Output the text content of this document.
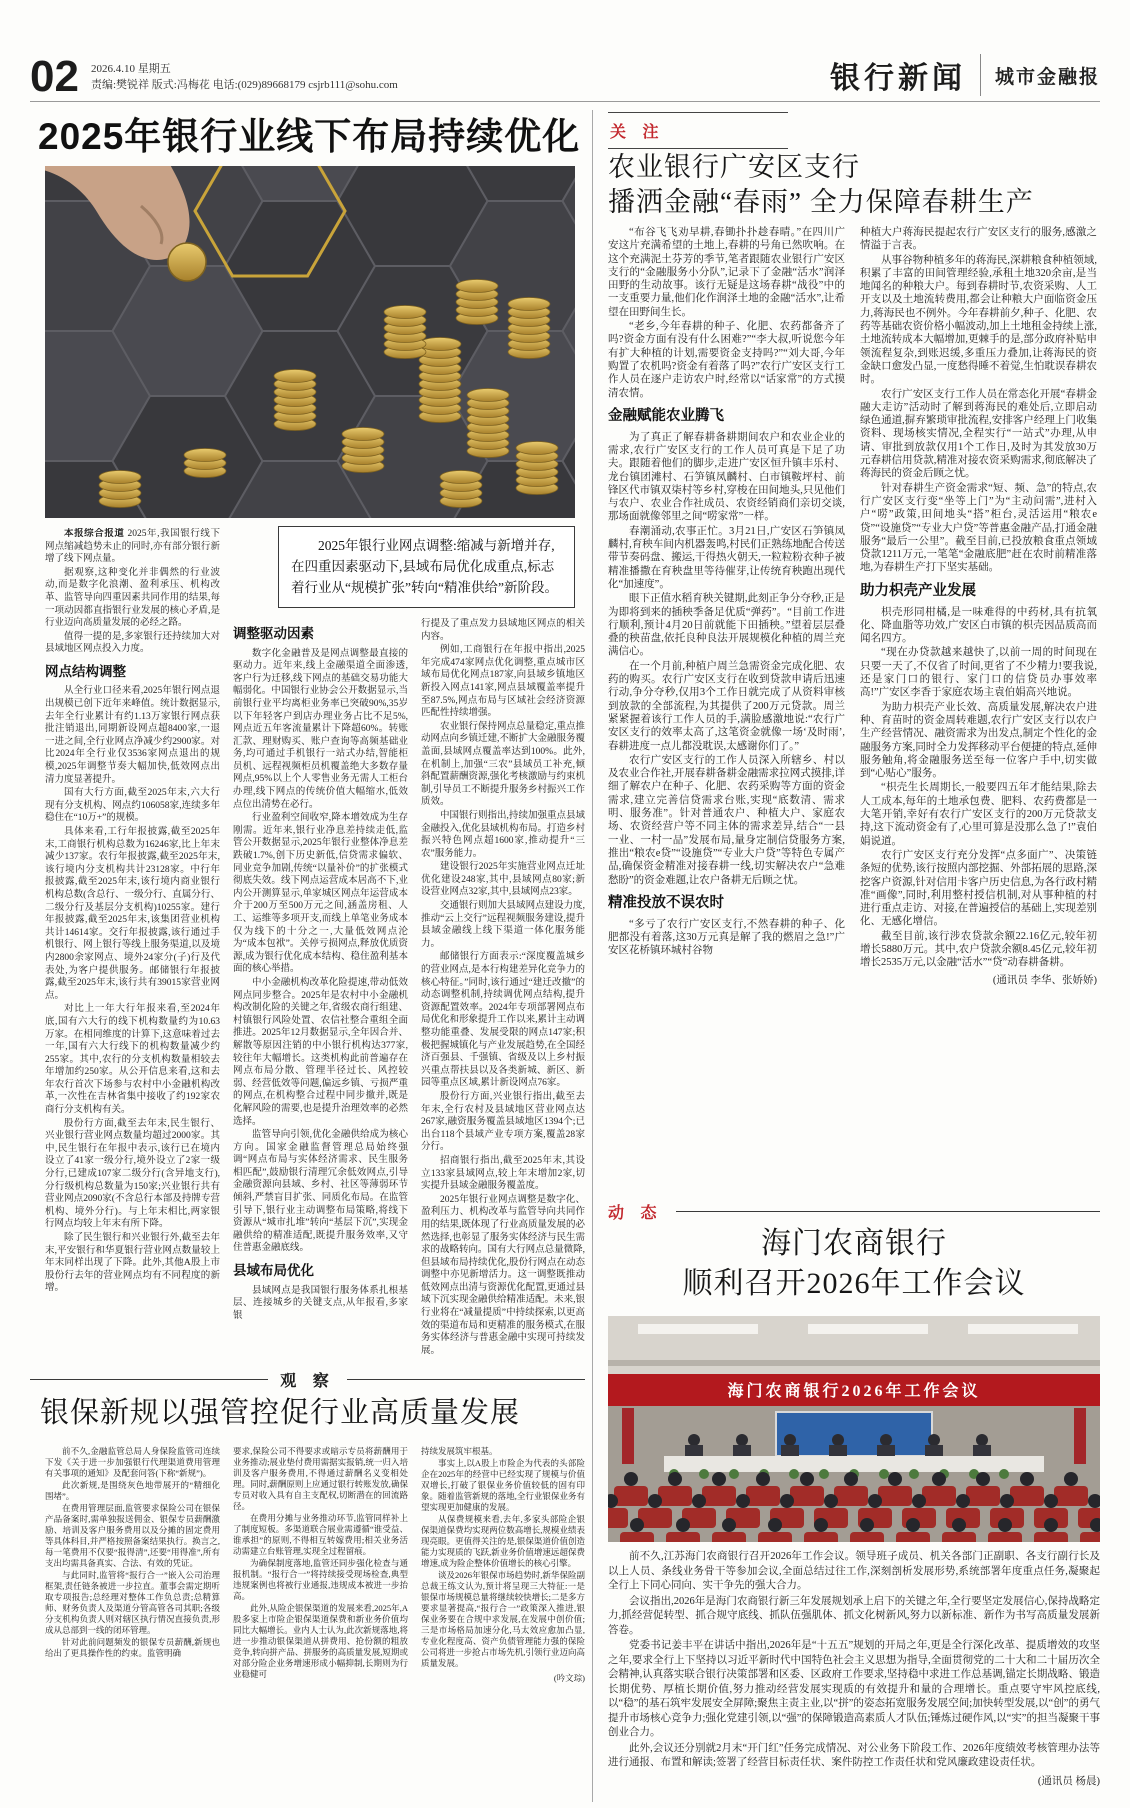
02 2026.4.10 星期五
责编:樊锐祥 版式:冯梅花 电话:(029)89668179 csjrb111@sohu.com	银行新闻 城市金融报
2025年银行业线下布局持续优化

2025年银行业网点调整:缩减与新增并存,在四重因素驱动下,县域布局优化成重点,标志着行业从“规模扩张”转向“精准供给”新阶段。

本报综合报道 2025年,我国银行线下网点缩减趋势未止的同时,亦有部分银行新增了线下网点量。

据观察,这种变化并非偶然的行业波动,而是数字化浪潮、盈利承压、机构改革、监管导向四重因素共同作用的结果,每一项动因都直指银行业发展的核心矛盾,是行业迈向高质量发展的必经之路。

值得一提的是,多家银行还持续加大对县域地区网点投入力度。

网点结构调整

从全行业口径来看,2025年银行网点退出规模已创下近年来峰值。统计数据显示,去年全行业累计有约1.13万家银行网点获批注销退出,同期新设网点超8400家,一退一进之间,全行业网点净减少约2900家。对比2024年全行业仅3536家网点退出的规模,2025年调整节奏大幅加快,低效网点出清力度显著提升。

国有大行方面,截至2025年末,六大行现有分支机构、网点约106058家,连续多年稳住在“10万+”的规模。

具体来看,工行年报披露,截至2025年末,工商银行机构总数为16246家,比上年末减少137家。农行年报披露,截至2025年末,该行境内分支机构共计23128家。中行年报披露,截至2025年末,该行境内商业银行机构总数(含总行、一级分行、直属分行、二级分行及基层分支机构)10255家。建行年报披露,截至2025年末,该集团营业机构共计14614家。交行年报披露,该行通过手机银行、网上银行等线上服务渠道,以及境内2800余家网点、境外24家分(子)行及代表处,为客户提供服务。邮储银行年报披露,截至2025年末,该行共有39015家营业网点。

对比上一年大行年报来看,至2024年底,国有六大行的线下机构数量约为10.63万家。在相同维度的计算下,这意味着过去一年,国有六大行线下的机构数量减少约255家。其中,农行的分支机构数量相较去年增加约250家。从公开信息来看,这和去年农行首次下场参与农村中小金融机构改革,一次性在吉林省集中接收了约192家农商行分支机构有关。

股份行方面,截至去年末,民生银行、兴业银行营业网点数量均超过2000家。其中,民生银行在年报中表示,该行已在境内设立了41家一级分行,境外设立了2家一级分行,已建成107家二级分行(含异地支行),分行级机构总数量为150家;兴业银行共有营业网点2090家(不含总行本部及持牌专营机构、境外分行)。与上年末相比,两家银行网点均较上年末有所下降。

除了民生银行和兴业银行外,截至去年末,平安银行和华夏银行营业网点数量较上年末同样出现了下降。此外,其他A股上市股份行去年的营业网点均有不同程度的新增。

调整驱动因素

数字化金融普及是网点调整最直接的驱动力。近年来,线上金融渠道全面渗透,客户行为迁移,线下网点的基础交易功能大幅弱化。中国银行业协会公开数据显示,当前银行业平均离柜业务率已突破90%,35岁以下年轻客户到店办理业务占比不足5%,网点近五年客流量累计下降超60%。转账汇款、理财购买、账户查询等高频基础业务,均可通过手机银行一站式办结,智能柜员机、远程视频柜员机覆盖绝大多数存量网点,95%以上个人零售业务无需人工柜台办理,线下网点的传统价值大幅缩水,低效点位出清势在必行。

行业盈利空间收窄,降本增效成为生存刚需。近年来,银行业净息差持续走低,监管公开数据显示,2025年银行业整体净息差跌破1.7%,创下历史新低,信贷需求偏软、同业竞争加剧,传统“以量补价”的扩张模式彻底失效。线下网点运营成本居高不下,业内公开测算显示,单家城区网点年运营成本介于200万至500万元之间,涵盖房租、人工、运维等多项开支,而线上单笔业务成本仅为线下的十分之一,大量低效网点沦为“成本包袱”。关停亏损网点,释放优质资源,成为银行优化成本结构、稳住盈利基本面的核心举措。

中小金融机构改革化险提速,带动低效网点同步整合。2025年是农村中小金融机构改制化险的关键之年,省级农商行组建、村镇银行风险处置、农信社整合重组全面推进。2025年12月数据显示,全年因合并、解散等原因注销的中小银行机构达377家,较往年大幅增长。这类机构此前普遍存在网点布局分散、管理半径过长、风控较弱、经营低效等问题,偏远乡镇、亏损严重的网点,在机构整合过程中同步撤并,既是化解风险的需要,也是提升治理效率的必然选择。

监管导向引领,优化金融供给成为核心方向。国家金融监督管理总局始终强调“网点布局与实体经济需求、民生服务相匹配”,鼓励银行清理冗余低效网点,引导金融资源向县域、乡村、社区等薄弱环节倾斜,严禁盲目扩张、同质化布局。在监管引导下,银行业主动调整布局策略,将线下资源从“城市扎堆”转向“基层下沉”,实现金融供给的精准适配,既提升服务效率,又守住普惠金融底线。

县域布局优化

县域网点是我国银行服务体系扎根基层、连接城乡的关键支点,从年报看,多家银

行提及了重点发力县域地区网点的相关内容。

例如,工商银行在年报中指出,2025年完成474家网点优化调整,重点城市区域布局优化网点187家,向县域乡镇地区新投入网点141家,网点县域覆盖率提升至87.5%,网点布局与区域社会经济资源匹配性持续增强。

农业银行保持网点总量稳定,重点推动网点向乡镇迁建,不断扩大金融服务覆盖面,县域网点覆盖率达到100%。此外,在机制上,加强“三农”县域员工补充,倾斜配置薪酬资源,强化考核激励与约束机制,引导员工不断提升服务乡村振兴工作质效。

中国银行则指出,持续加强重点县域金融投入,优化县域机构布局。打造乡村振兴特色网点超1600家,推动提升“三农”服务能力。

建设银行2025年实施营业网点迁址优化建设248家,其中,县域网点80家;新设营业网点32家,其中,县域网点23家。

交通银行则加大县域网点建设力度,推动“云上交行”远程视频服务建设,提升县域金融线上线下渠道一体化服务能力。

邮储银行方面表示:“深度覆盖城乡的营业网点,是本行构建差异化竞争力的核心特征。”同时,该行通过“建迁改撤”的动态调整机制,持续调优网点结构,提升资源配置效率。2024年专项部署网点布局优化和形象提升工作以来,累计主动调整功能重叠、发展受限的网点147家;积极把握城镇化与产业发展趋势,在全国经济百强县、千强镇、省级及以上乡村振兴重点帮扶县以及各类新城、新区、新园等重点区域,累计新设网点76家。

股份行方面,兴业银行指出,截至去年末,全行农村及县域地区营业网点达267家,融资服务覆盖县域地区1394个;已出台118个县域产业专项方案,覆盖28家分行。

招商银行指出,截至2025年末,其设立133家县域网点,较上年末增加2家,切实提升县域金融服务覆盖度。

2025年银行业网点调整是数字化、盈利压力、机构改革与监管导向共同作用的结果,既体现了行业高质量发展的必然选择,也彰显了服务实体经济与民生需求的战略转向。国有大行网点总量微降,但县域布局持续优化,股份行网点在动态调整中亦见新增活力。这一调整既推动低效网点出清与资源优化配置,更通过县域下沉实现金融供给精准适配。未来,银行业将在“减量提质”中持续探索,以更高效的渠道布局和更精准的服务模式,在服务实体经济与普惠金融中实现可持续发展。

关 注
农业银行广安区支行
播洒金融“春雨” 全力保障春耕生产

“布谷飞飞劝早耕,春锄扑扑趁春晴。”在四川广安这片充满希望的土地上,春耕的号角已然吹响。在这个充满泥土芬芳的季节,笔者跟随农业银行广安区支行的“金融服务小分队”,记录下了金融“活水”润泽田野的生动故事。该行无疑是这场春耕“战役”中的一支重要力量,他们化作润泽土地的金融“活水”,让希望在田野间生长。

“老乡,今年春耕的种子、化肥、农药都备齐了吗?资金方面有没有什么困难?”“李大叔,听说您今年有扩大种植的计划,需要资金支持吗?”“刘大哥,今年购置了农机吗?资金有着落了吗?”农行广安区支行工作人员在逐户走访农户时,经常以“话家常”的方式摸清农情。

金融赋能农业腾飞

为了真正了解春耕备耕期间农户和农业企业的需求,农行广安区支行的工作人员可真是下足了功夫。跟随着他们的脚步,走进广安区恒升镇丰乐村、龙台镇团滩村、石笋镇凤麟村、白市镇鞍坪村、前锋区代市镇双柒村等乡村,穿梭在田间地头,只见他们与农户、农业合作社成员、农资经销商们亲切交谈,那场面就像邻里之间“唠家常”一样。

春潮涌动,农事正忙。3月21日,广安区石笋镇凤麟村,育秧车间内机器轰鸣,村民们正熟练地配合传送带节奏码盘、搬运,干得热火朝天,一粒粒粉衣种子被精准播撒在育秧盘里等待催芽,让传统育秧跑出现代化“加速度”。

眼下正值水稻育秧关键期,此刻正争分夺秒,正是为即将到来的插秧季备足优质“弹药”。“目前工作进行顺利,预计4月20日前就能下田插秧。”望着层层叠叠的秧苗盘,依托良种良法开展规模化种植的周兰充满信心。

在一个月前,种植户周兰急需资金完成化肥、农药的购买。农行广安区支行在收到贷款申请后迅速行动,争分夺秒,仅用3个工作日就完成了从资料审核到放款的全部流程,为其提供了200万元贷款。周兰紧紧握着该行工作人员的手,满脸感激地说:“农行广安区支行的效率太高了,这笔资金就像一场‘及时雨’,春耕进度一点儿都没耽误,太感谢你们了。”

农行广安区支行的工作人员深入所辖乡、村以及农业合作社,开展春耕备耕金融需求拉网式摸排,详细了解农户在种子、化肥、农药采购等方面的资金需求,建立完善信贷需求台账,实现“底数清、需求明、服务准”。针对普通农户、种植大户、家庭农场、农资经营户等不同主体的需求差异,结合“一县一业、一村一品”发展布局,量身定制信贷服务方案,推出“粮农e贷”“设施贷”“专业大户贷”等特色专属产品,确保资金精准对接春耕一线,切实解决农户“急难愁盼”的资金难题,让农户备耕无后顾之忧。

精准投放不误农时

“多亏了农行广安区支行,不然春耕的种子、化肥都没有着落,这30万元真是解了我的燃眉之急!”广安区花桥镇环城村谷物

种植大户蒋海民提起农行广安区支行的服务,感激之情溢于言表。

从事谷物种植多年的蒋海民,深耕粮食种植领域,积累了丰富的田间管理经验,承租土地320余亩,是当地闻名的种粮大户。每到春耕时节,农资采购、人工开支以及土地流转费用,都会让种粮大户面临资金压力,蒋海民也不例外。今年春耕前夕,种子、化肥、农药等基础农资价格小幅波动,加上土地租金持续上涨,土地流转成本大幅增加,更棘手的是,部分政府补贴申领流程复杂,到账迟缓,多重压力叠加,让蒋海民的资金缺口愈发凸显,一度愁得睡不着觉,生怕耽误春耕农时。

农行广安区支行工作人员在常态化开展“春耕金融大走访”活动时了解到蒋海民的难处后,立即启动绿色通道,摒弃繁琐审批流程,安排客户经理上门收集资料、现场核实情况,全程实行“一站式”办理,从申请、审批到放款仅用1个工作日,及时为其发放30万元春耕信用贷款,精准对接农资采购需求,彻底解决了蒋海民的资金后顾之忧。

针对春耕生产资金需求“短、频、急”的特点,农行广安区支行变“坐等上门”为“主动问需”,进村入户“唠”政策,田间地头“搭”柜台,灵活运用“粮农e贷”“设施贷”“专业大户贷”等普惠金融产品,打通金融服务“最后一公里”。截至目前,已投放粮食重点领域贷款1211万元,一笔笔“金融底肥”赶在农时前精准落地,为春耕生产打下坚实基础。

助力枳壳产业发展

枳壳形同柑橘,是一味难得的中药材,具有抗氧化、降血脂等功效,广安区白市镇的枳壳因品质高而闻名四方。

“现在办贷款越来越快了,以前一周的时间现在只要一天了,不仅省了时间,更省了不少精力!要我说,还是家门口的银行、家门口的信贷员办事效率高!”广安区李香于家庭农场主袁伯娟高兴地说。

为助力枳壳产业长效、高质量发展,解决农户进种、育苗时的资金周转难题,农行广安区支行以农户生产经营情况、融资需求为出发点,制定个性化的金融服务方案,同时全力发挥移动平台便捷的特点,延伸服务触角,将金融服务送至每一位客户手中,切实做到“心贴心”服务。

“枳壳生长周期长,一般要四五年才能结果,除去人工成本,每年的土地承包费、肥料、农药费都是一大笔开销,幸好有农行广安区支行的200万元贷款支持,这下流动资金有了,心里可算是没那么急了!”袁伯娟说道。

农行广安区支行充分发挥“点多面广”、决策链条短的优势,该行按照内部挖掘、外部拓展的思路,深挖客户资源,针对信用卡客户历史信息,为各行政村精准“画像”,同时,利用整村授信机制,对从事种植的村进行重点走访、对接,在普遍授信的基础上,实现差别化、无感化增信。

截至目前,该行涉农贷款余额22.16亿元,较年初增长5880万元。其中,农户贷款余额8.45亿元,较年初增长2535万元,以金融“活水”“贷”动春耕备耕。

(通讯员 李华、张娇娇)

动 态
海门农商银行
顺利召开2026年工作会议
海门农商银行2026年工作会议

前不久,江苏海门农商银行召开2026年工作会议。领导班子成员、机关各部门正副职、各支行副行长及以上人员、条线业务骨干等参加会议,全面总结过往工作,深刻剖析发展形势,系统部署年度重点任务,凝聚起全行上下同心同向、实干争先的强大合力。

会议指出,2026年是海门农商银行新三年发展规划承上启下的关键之年,全行要坚定发展信心,保持战略定力,抓经营促转型、抓合规守底线、抓队伍强肌体、抓文化树新风,努力以新标准、新作为书写高质量发展新答卷。

党委书记姜丰平在讲话中指出,2026年是“十五五”规划的开局之年,更是全行深化改革、提质增效的攻坚之年,要求全行上下坚持以习近平新时代中国特色社会主义思想为指导,全面贯彻党的二十大和二十届历次全会精神,认真落实联合银行决策部署和区委、区政府工作要求,坚持稳中求进工作总基调,锚定长期战略、锻造长期优势、厚植长期价值,努力推动经营发展实现质的有效提升和量的合理增长。重点要守牢风控底线,以“稳”的基石筑牢发展安全屏障;聚焦主责主业,以“拼”的姿态拓宽服务发展空间;加快转型发展,以“创”的勇气提升市场核心竞争力;强化党建引领,以“强”的保障锻造高素质人才队伍;锤炼过硬作风,以“实”的担当凝聚干事创业合力。

此外,会议还分别就2月末“开门红”任务完成情况、对公业务下阶段工作、2026年度绩效考核管理办法等进行通报、布置和解读;签署了经营目标责任状、案件防控工作责任状和党风廉政建设责任状。

(通讯员 杨晨)

观 察
银保新规以强管控促行业高质量发展

前不久,金融监管总局人身保险监管司连续下发《关于进一步加强银行代理渠道费用管理有关事项的通知》及配套问答(下称“新规”)。

此次新规,是围绕灰色地带展开的“精细化围堵”。

在费用管理层面,监管要求保险公司在银保产品备案时,需单独报送佣金、银保专员薪酬激励、培训及客户服务费用以及分摊的固定费用等具体科目,并严格按照备案结果执行。换言之,每一笔费用不仅要“报得清”,还要“用得准”,所有支出均需具备真实、合法、有效的凭证。

与此同时,监管将“报行合一”嵌入公司治理框架,责任链条被进一步拉直。董事会需定期听取专项报告;总经理对整体工作负总责;总精算师、财务负责人及渠道分管高管各司其职;各级分支机构负责人则对辖区执行情况直接负责,形成从总部到一线的闭环管理。

针对此前问题频发的银保专员薪酬,新规也给出了更具操作性的约束。监管明确

要求,保险公司不得要求或暗示专员将薪酬用于业务推动;展业垫付费用需据实报销,统一归入培训及客户服务费用,不得通过薪酬名义变相处理。同时,薪酬原则上应通过银行转账发放,确保专员对收入具有自主支配权,切断潜在的回流路径。

在费用分摊与业务推动环节,监管同样补上了制度短板。多渠道联合展业需遵循“谁受益、谁承担”的原则,不得相互转嫁费用;相关业务活动需建立台账管理,实现全过程留痕。

为确保制度落地,监管还同步强化检查与通报机制。“报行合一”将持续接受现场检查,典型违规案例也将被行业通报,违规成本被进一步抬高。

此外,从险企银保渠道的发展来看,2025年,A股多家上市险企银保渠道保费和新业务价值均同比大幅增长。业内人士认为,此次新规落地,将进一步推动银保渠道从拼费用、抢份额的粗放竞争,转向拼产品、拼服务的高质量发展,短期或对部分险企业务增速形成小幅抑制,长期则为行业稳健可

持续发展筑牢根基。

事实上,以A股上市险企为代表的头部险企在2025年的经营中已经实现了规模与价值双增长,打破了银保业务价值较低的固有印象。随着监管新规的落地,全行业银保业务有望实现更加健康的发展。

从保费规模来看,去年,多家头部险企银保渠道保费均实现两位数高增长,规模业绩表现亮眼。更值得关注的是,银保渠道价值创造能力实现质的飞跃,新业务价值增速远超保费增速,成为险企整体价值增长的核心引擎。

谈及2026年银保市场趋势时,新华保险副总裁王练文认为,预计将呈现三大特征:一是银保市场规模总量将继续较快增长;二是多方要求显著提高,“报行合一”政策深入推进,银保业务要在合规中求发展,在发展中创价值;三是市场格局加速分化,马太效应愈加凸显,专业化程度高、资产负债管理能力强的保险公司将进一步抢占市场先机,引领行业迈向高质量发展。

(吟文琮)
